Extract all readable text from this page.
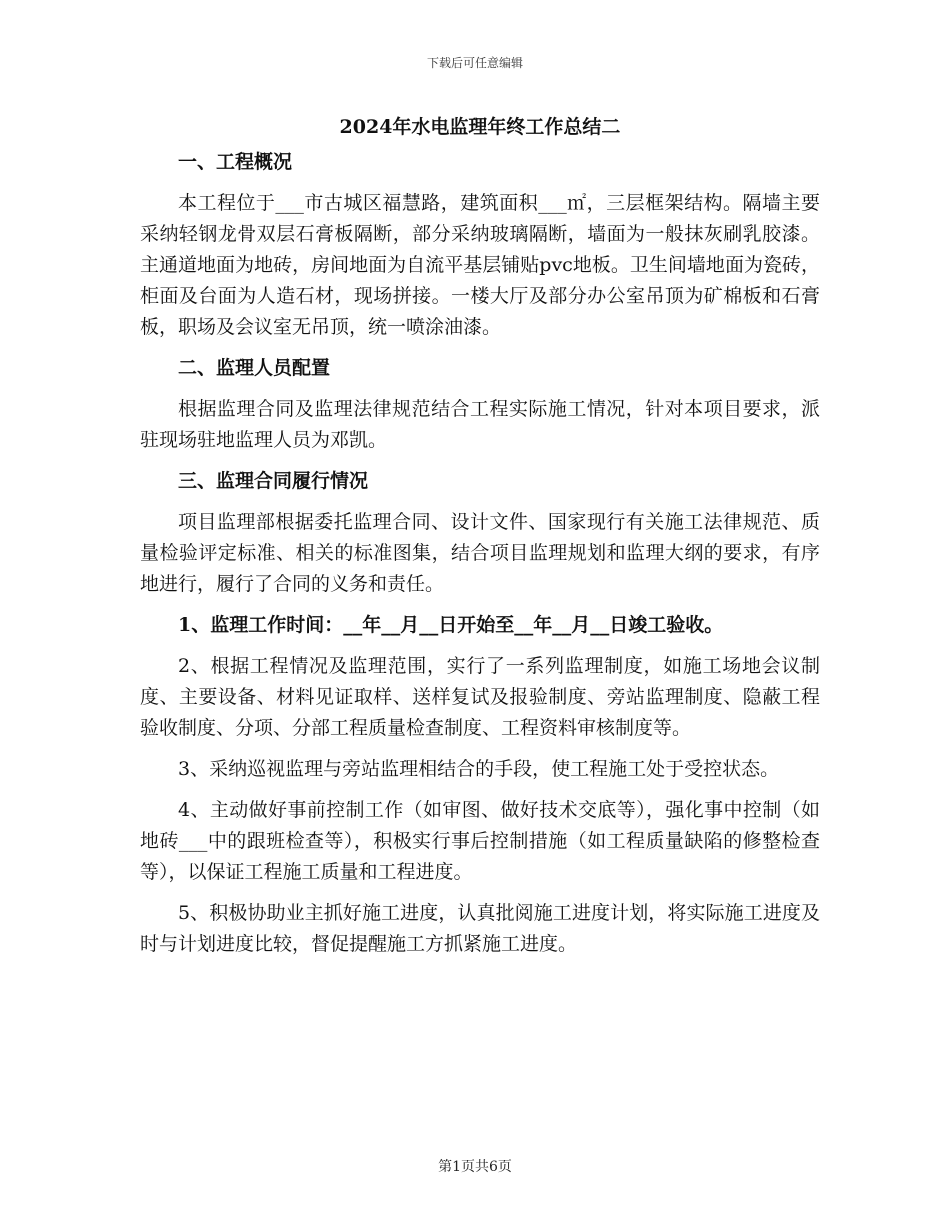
下载后可任意编辑
2024年水电监理年终工作总结二
一、工程概况
本工程位于___市古城区福慧路，建筑面积___㎡，三层框架结构。隔墙主要采纳轻钢龙骨双层石膏板隔断，部分采纳玻璃隔断，墙面为一般抹灰刷乳胶漆。主通道地面为地砖，房间地面为自流平基层铺贴pvc地板。卫生间墙地面为瓷砖，柜面及台面为人造石材，现场拼接。一楼大厅及部分办公室吊顶为矿棉板和石膏板，职场及会议室无吊顶，统一喷涂油漆。
二、监理人员配置
根据监理合同及监理法律规范结合工程实际施工情况，针对本项目要求，派驻现场驻地监理人员为邓凯。
三、监理合同履行情况
项目监理部根据委托监理合同、设计文件、国家现行有关施工法律规范、质量检验评定标准、相关的标准图集，结合项目监理规划和监理大纲的要求，有序地进行，履行了合同的义务和责任。
1、监理工作时间：__年__月__日开始至__年__月__日竣工验收。
2、根据工程情况及监理范围，实行了一系列监理制度，如施工场地会议制度、主要设备、材料见证取样、送样复试及报验制度、旁站监理制度、隐蔽工程验收制度、分项、分部工程质量检查制度、工程资料审核制度等。
3、采纳巡视监理与旁站监理相结合的手段，使工程施工处于受控状态。
4、主动做好事前控制工作（如审图、做好技术交底等），强化事中控制（如地砖___中的跟班检查等），积极实行事后控制措施（如工程质量缺陷的修整检查等），以保证工程施工质量和工程进度。
5、积极协助业主抓好施工进度，认真批阅施工进度计划，将实际施工进度及时与计划进度比较，督促提醒施工方抓紧施工进度。
第1页共6页
